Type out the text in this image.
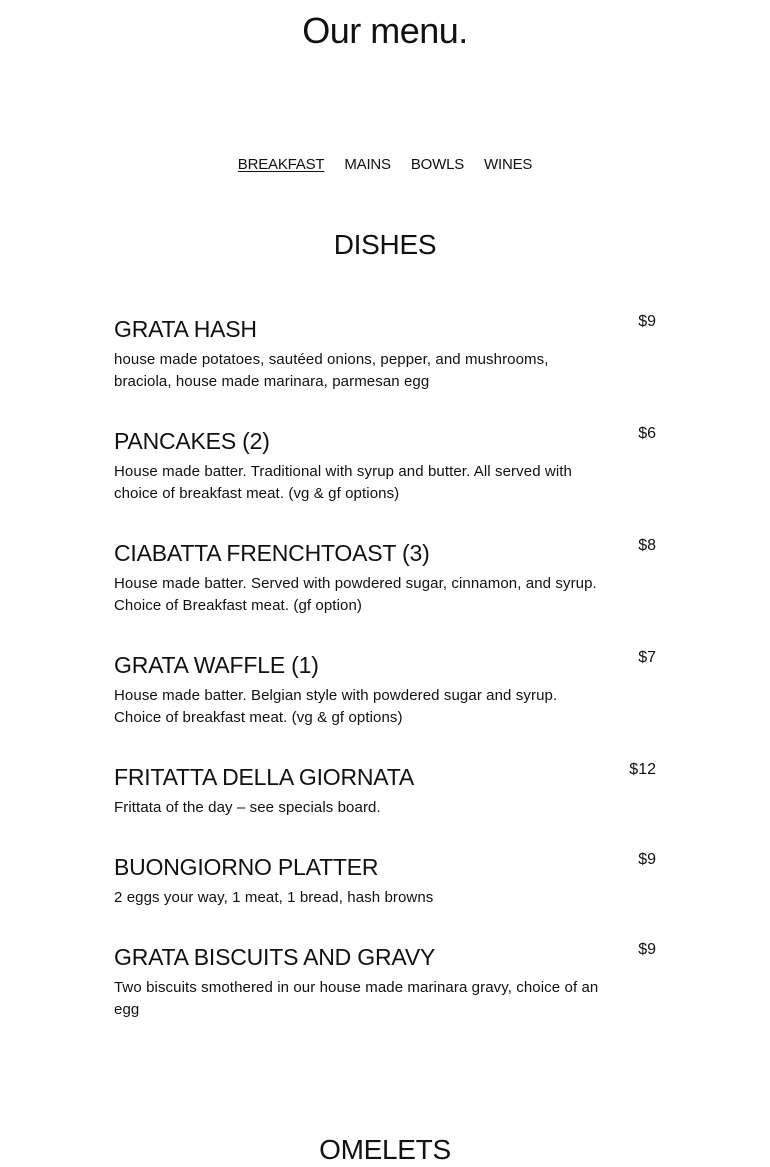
Our menu.
BREAKFAST MAINS BOWLS WINES
DISHES
GRATA HASH	$9
house made potatoes, sautéed onions, pepper, and mushrooms, braciola, house made marinara, parmesan egg
PANCAKES (2)	$6
House made batter. Traditional with syrup and butter. All served with choice of breakfast meat. (vg & gf options)
CIABATTA FRENCHTOAST (3)	$8
House made batter. Served with powdered sugar, cinnamon, and syrup. Choice of Breakfast meat. (gf option)
GRATA WAFFLE (1)	$7
House made batter. Belgian style with powdered sugar and syrup. Choice of breakfast meat. (vg & gf options)
FRITATTA DELLA GIORNATA	$12
Frittata of the day – see specials board.
BUONGIORNO PLATTER	$9
2 eggs your way, 1 meat, 1 bread, hash browns
GRATA BISCUITS AND GRAVY	$9
Two biscuits smothered in our house made marinara gravy, choice of an egg
OMELETS
